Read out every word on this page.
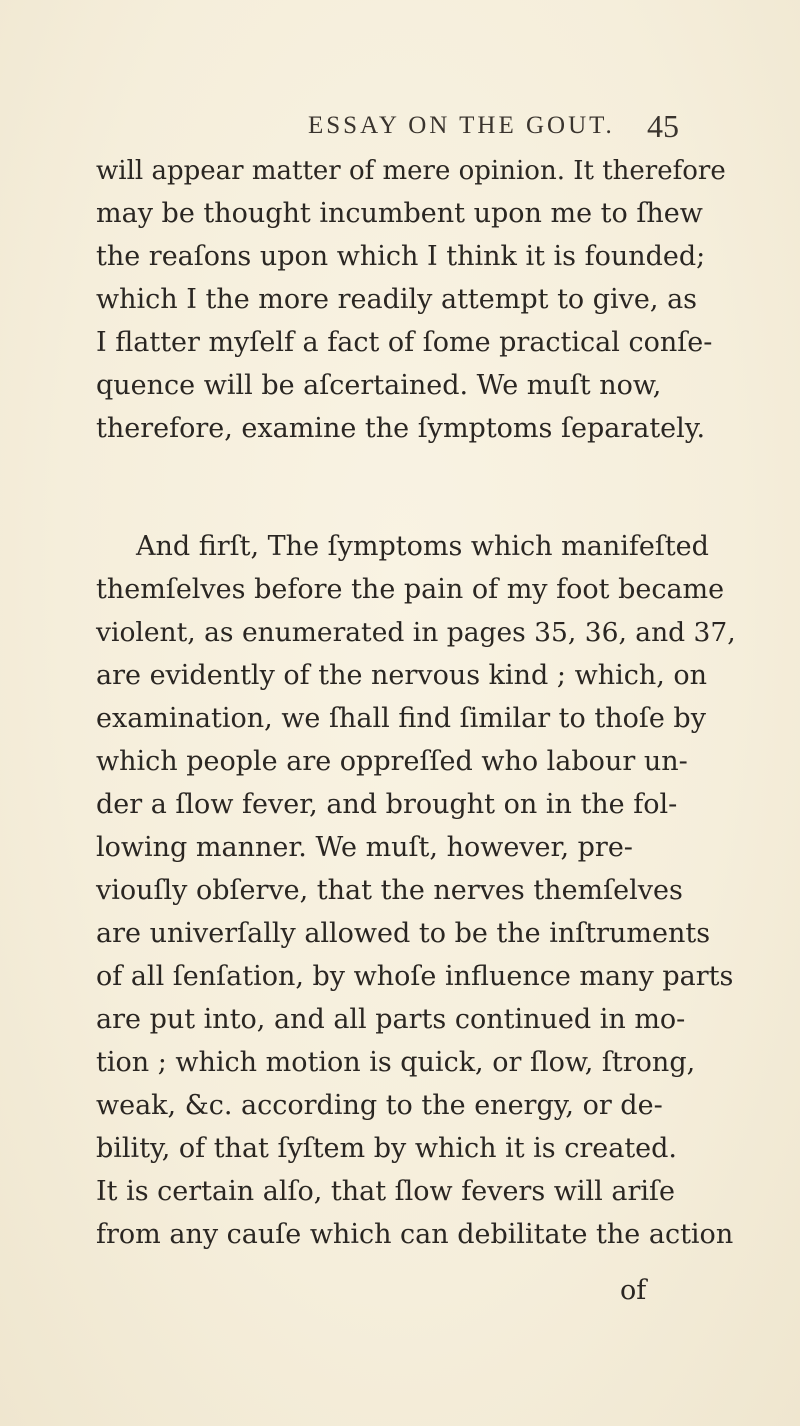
ESSAY ON THE GOUT. 45
will appear matter of mere opinion. It therefore
may be thought incumbent upon me to ſhew
the reaſons upon which I think it is founded;
which I the more readily attempt to give, as
I flatter myſelf a fact of ſome practical conſe-
quence will be aſcertained. We muſt now,
therefore, examine the ſymptoms ſeparately.
And firſt, The ſymptoms which manifeſted
themſelves before the pain of my foot became
violent, as enumerated in pages 35, 36, and 37,
are evidently of the nervous kind ; which, on
examination, we ſhall find ſimilar to thoſe by
which people are oppreſſed who labour un-
der a ſlow fever, and brought on in the fol-
lowing manner. We muſt, however, pre-
viouſly obſerve, that the nerves themſelves
are univerſally allowed to be the inſtruments
of all ſenſation, by whoſe influence many parts
are put into, and all parts continued in mo-
tion ; which motion is quick, or ſlow, ſtrong,
weak, &c. according to the energy, or de-
bility, of that ſyſtem by which it is created.
It is certain alſo, that ſlow fevers will ariſe
from any cauſe which can debilitate the action
of
